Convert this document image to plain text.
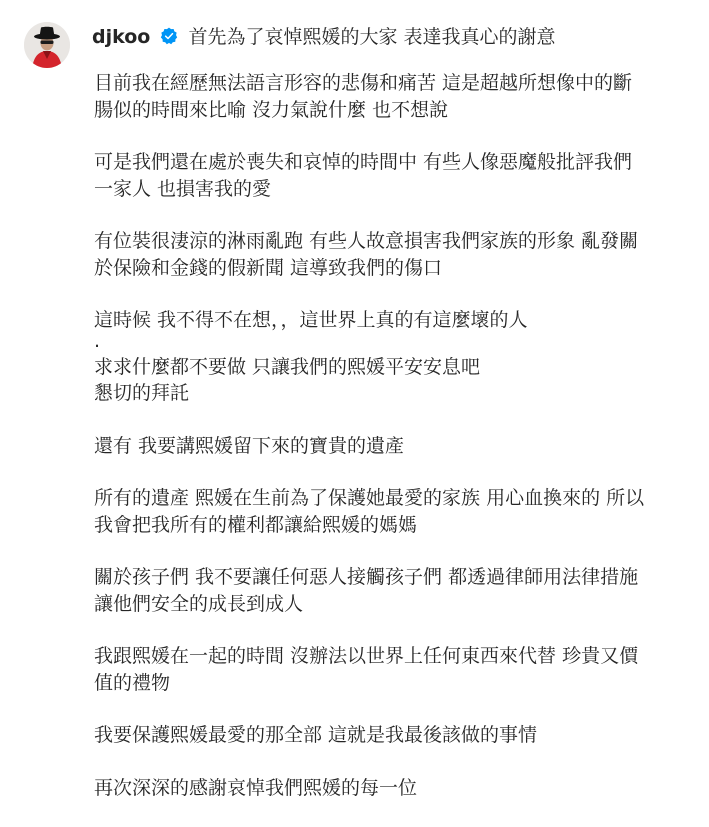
djkoo 首先為了哀悼熙媛的大家 表達我真心的謝意
目前我在經歷無法語言形容的悲傷和痛苦 這是超越所想像中的斷
腸似的時間來比喻 沒力氣說什麼 也不想說
可是我們還在處於喪失和哀悼的時間中 有些人像惡魔般批評我們
一家人 也損害我的愛
有位裝很淒涼的淋雨亂跑 有些人故意損害我們家族的形象 亂發關
於保險和金錢的假新聞 這導致我們的傷口
這時候 我不得不在想，，這世界上真的有這麼壞的人
.
求求什麼都不要做 只讓我們的熙媛平安安息吧
懇切的拜託
還有 我要講熙媛留下來的寶貴的遺產
所有的遺產 熙媛在生前為了保護她最愛的家族 用心血換來的 所以
我會把我所有的權利都讓給熙媛的媽媽
關於孩子們 我不要讓任何惡人接觸孩子們 都透過律師用法律措施
讓他們安全的成長到成人
我跟熙媛在一起的時間 沒辦法以世界上任何東西來代替 珍貴又價
值的禮物
我要保護熙媛最愛的那全部 這就是我最後該做的事情
再次深深的感謝哀悼我們熙媛的每一位
